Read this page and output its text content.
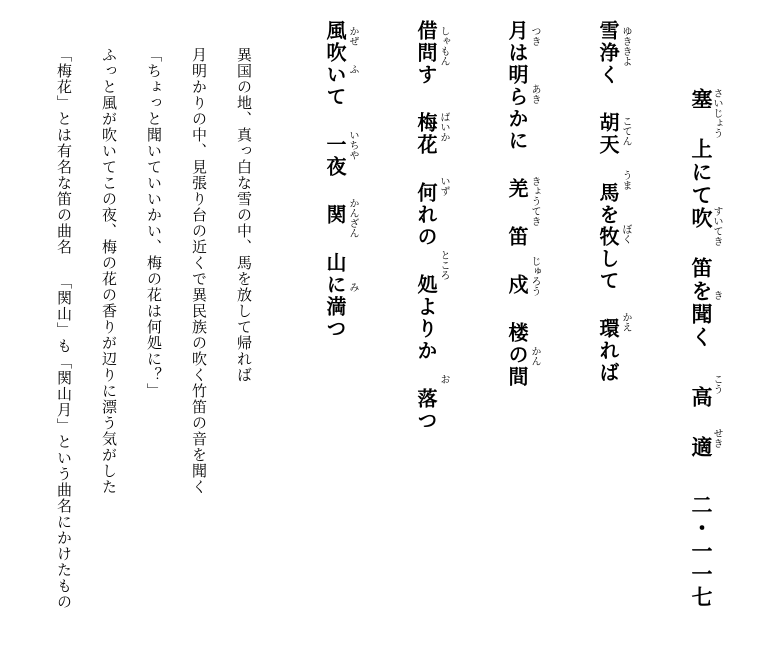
塞 上にて吹 笛を聞く
高 適
二・一一七
さいじょう
すいてき
き
こう
せき
雪浄く 胡天 馬を牧して 環れば
月は明らかに 羌 笛 戍 楼の間
借問す 梅花 何れの 処よりか 落つ
風吹いて 一夜 関 山に満つ	ゆききよ
こてん
うま
ぼく
かえ
つき
あき
きょうてき
じゅろう
かん
しゃもん
ばいか
いず
ところ
お
かぜ
ふ
いちや
かんざん
み
異国の地、真っ白な雪の中、馬を放して帰れば
月明かりの中、見張り台の近くで異民族の吹く竹笛の音を聞く
「ちょっと聞いていいかい、梅の花は何処に？」
ふっと風が吹いてこの夜、梅の花の香りが辺りに漂う気がした
「梅花」とは有名な笛の曲名 「関山」も「関山月」という曲名にかけたもの
